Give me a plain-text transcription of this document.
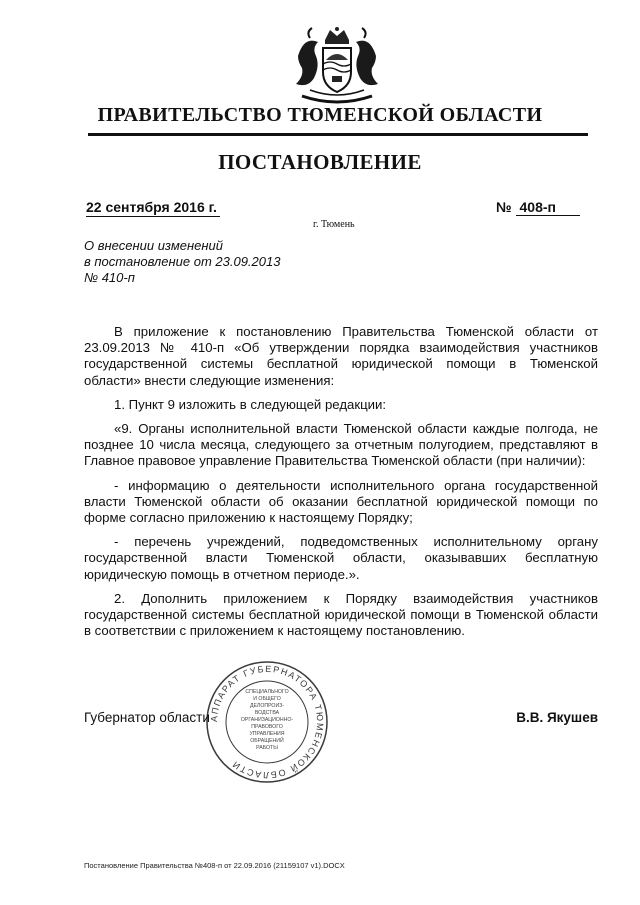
ПРАВИТЕЛЬСТВО ТЮМЕНСКОЙ ОБЛАСТИ
ПОСТАНОВЛЕНИЕ
22 сентября 2016 г.	№ 408-п
г. Тюмень
О внесении изменений
в постановление от 23.09.2013
№ 410-п

В приложение к постановлению Правительства Тюменской области от 23.09.2013 № 410-п «Об утверждении порядка взаимодействия участников государственной системы бесплатной юридической помощи в Тюменской области» внести следующие изменения:

1. Пункт 9 изложить в следующей редакции:

«9. Органы исполнительной власти Тюменской области каждые полгода, не позднее 10 числа месяца, следующего за отчетным полугодием, представляют в Главное правовое управление Правительства Тюменской области (при наличии):

- информацию о деятельности исполнительного органа государственной власти Тюменской области об оказании бесплатной юридической помощи по форме согласно приложению к настоящему Порядку;

- перечень учреждений, подведомственных исполнительному органу государственной власти Тюменской области, оказывавших бесплатную юридическую помощь в отчетном периоде.».

2. Дополнить приложением к Порядку взаимодействия участников государственной системы бесплатной юридической помощи в Тюменской области в соответствии с приложением к настоящему постановлению.

АППАРАТ ГУБЕРНАТОРА ТЮМЕНСКОЙ ОБЛАСТИ
СПЕЦИАЛЬНОГО
И ОБЩЕГО
ДЕЛОПРОИЗ-
ВОДСТВА
ОРГАНИЗАЦИОННО-
ПРАВОВОГО
УПРАВЛЕНИЯ
ОБРАЩЕНИЙ
РАБОТЫ
Губернатор области	В.В. Якушев
Постановление Правительства №408-п от 22.09.2016 (21159107 v1).DOCX
